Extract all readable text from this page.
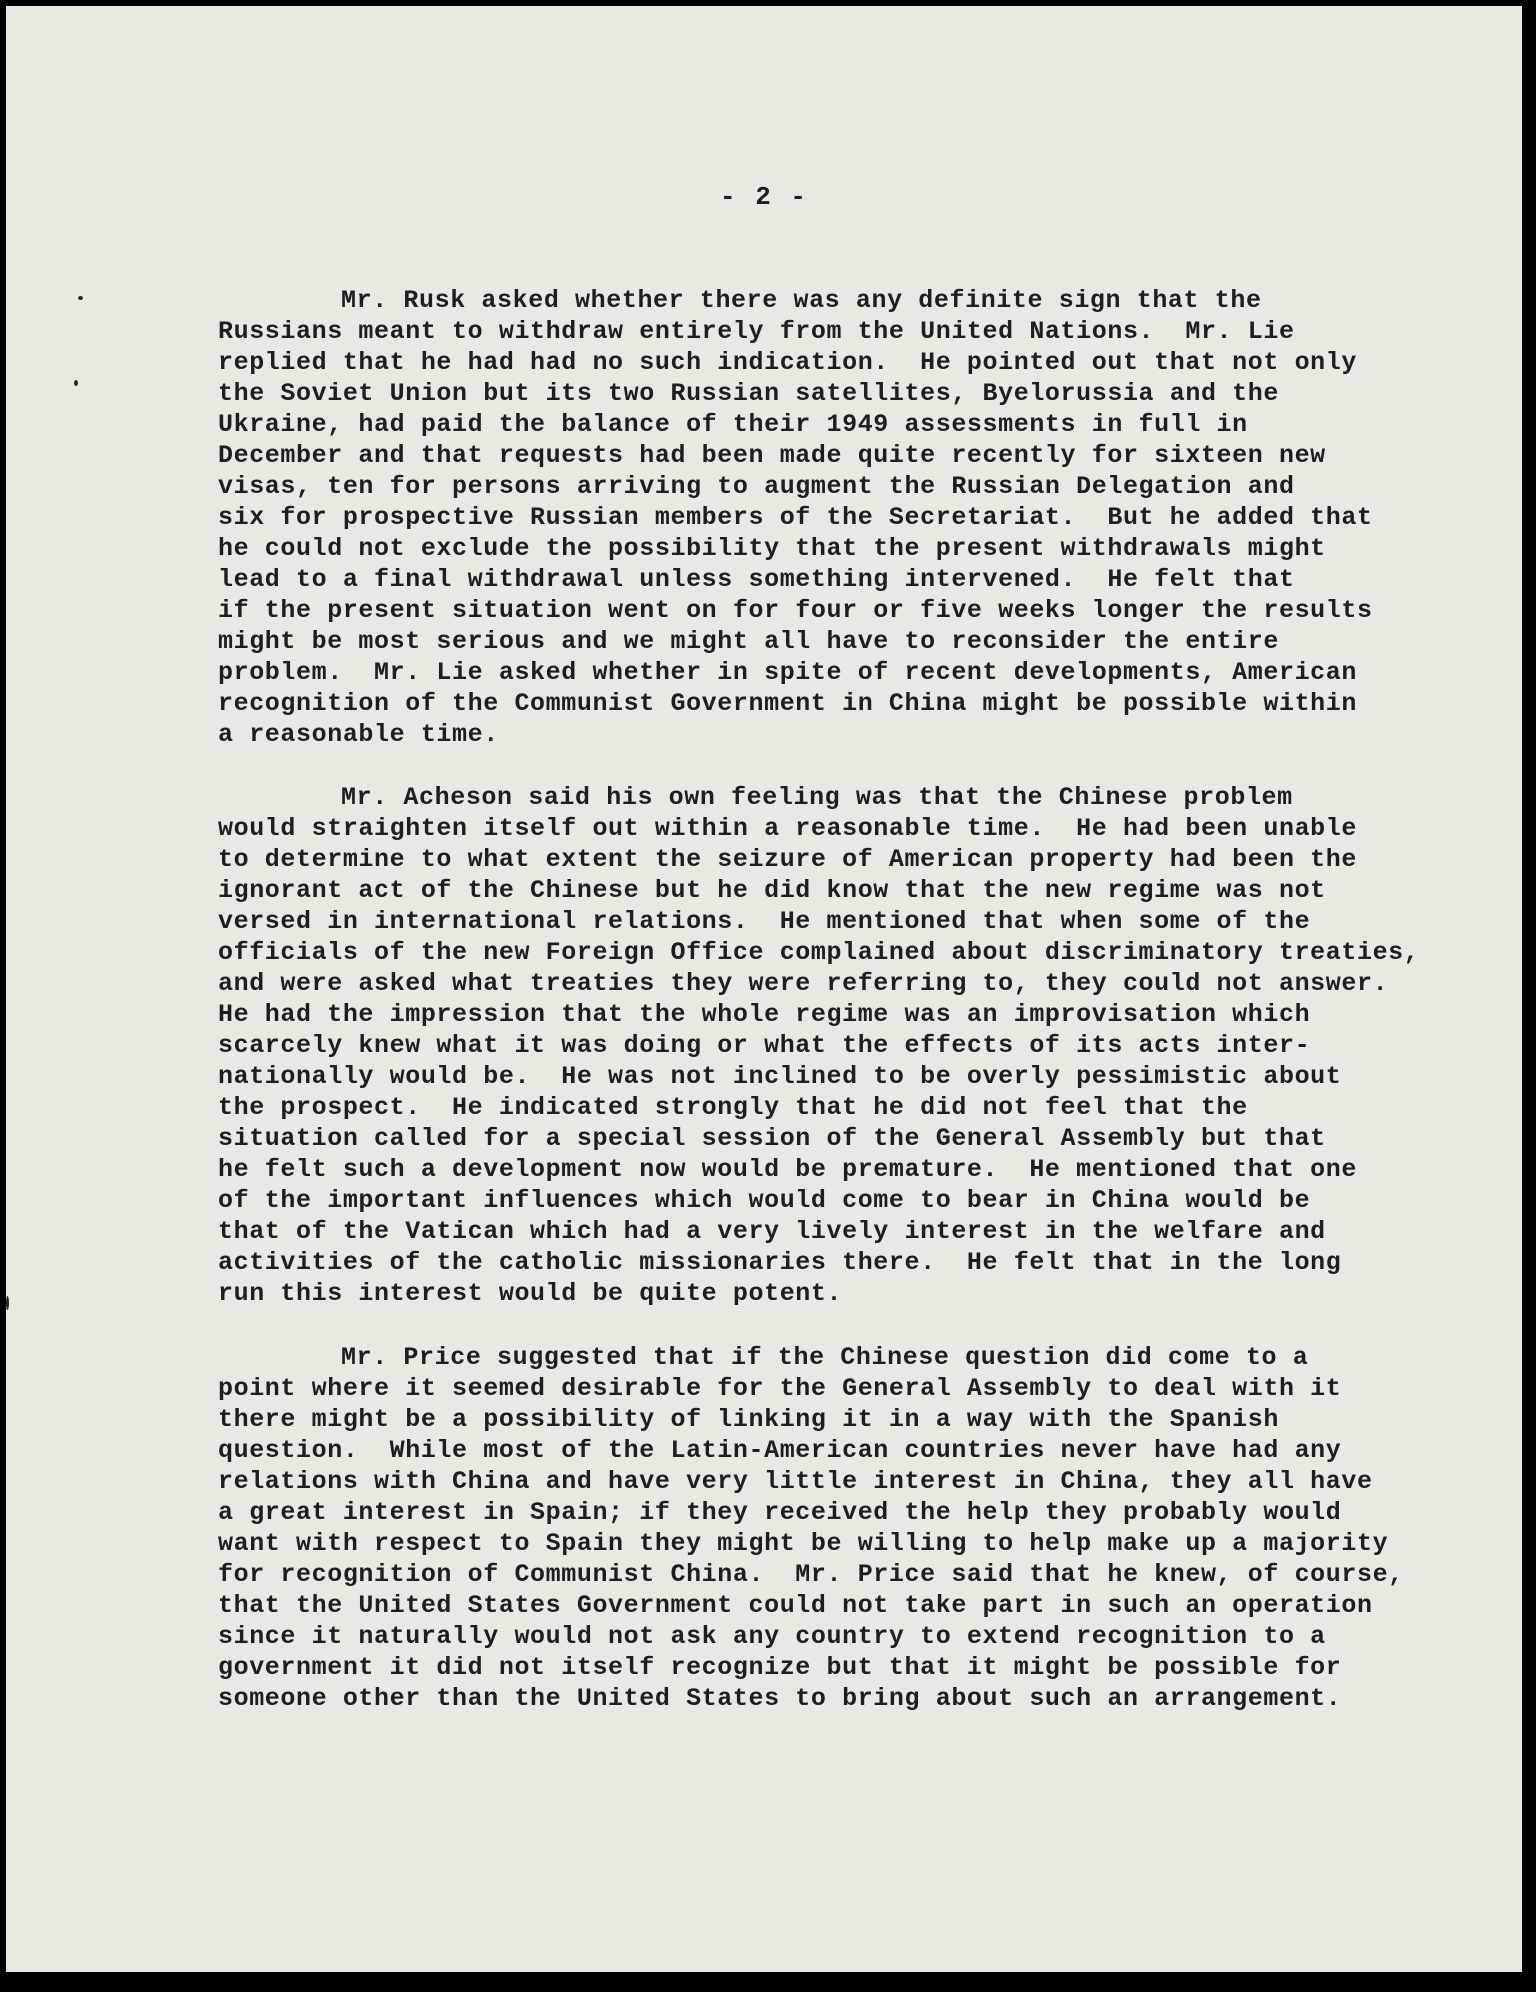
- 2 -
Mr. Rusk asked whether there was any definite sign that the
Russians meant to withdraw entirely from the United Nations.  Mr. Lie
replied that he had had no such indication.  He pointed out that not only
the Soviet Union but its two Russian satellites, Byelorussia and the
Ukraine, had paid the balance of their 1949 assessments in full in
December and that requests had been made quite recently for sixteen new
visas, ten for persons arriving to augment the Russian Delegation and
six for prospective Russian members of the Secretariat.  But he added that
he could not exclude the possibility that the present withdrawals might
lead to a final withdrawal unless something intervened.  He felt that
if the present situation went on for four or five weeks longer the results
might be most serious and we might all have to reconsider the entire
problem.  Mr. Lie asked whether in spite of recent developments, American
recognition of the Communist Government in China might be possible within
a reasonable time.
Mr. Acheson said his own feeling was that the Chinese problem
would straighten itself out within a reasonable time.  He had been unable
to determine to what extent the seizure of American property had been the
ignorant act of the Chinese but he did know that the new regime was not
versed in international relations.  He mentioned that when some of the
officials of the new Foreign Office complained about discriminatory treaties,
and were asked what treaties they were referring to, they could not answer.
He had the impression that the whole regime was an improvisation which
scarcely knew what it was doing or what the effects of its acts inter-
nationally would be.  He was not inclined to be overly pessimistic about
the prospect.  He indicated strongly that he did not feel that the
situation called for a special session of the General Assembly but that
he felt such a development now would be premature.  He mentioned that one
of the important influences which would come to bear in China would be
that of the Vatican which had a very lively interest in the welfare and
activities of the catholic missionaries there.  He felt that in the long
run this interest would be quite potent.
Mr. Price suggested that if the Chinese question did come to a
point where it seemed desirable for the General Assembly to deal with it
there might be a possibility of linking it in a way with the Spanish
question.  While most of the Latin-American countries never have had any
relations with China and have very little interest in China, they all have
a great interest in Spain; if they received the help they probably would
want with respect to Spain they might be willing to help make up a majority
for recognition of Communist China.  Mr. Price said that he knew, of course,
that the United States Government could not take part in such an operation
since it naturally would not ask any country to extend recognition to a
government it did not itself recognize but that it might be possible for
someone other than the United States to bring about such an arrangement.
